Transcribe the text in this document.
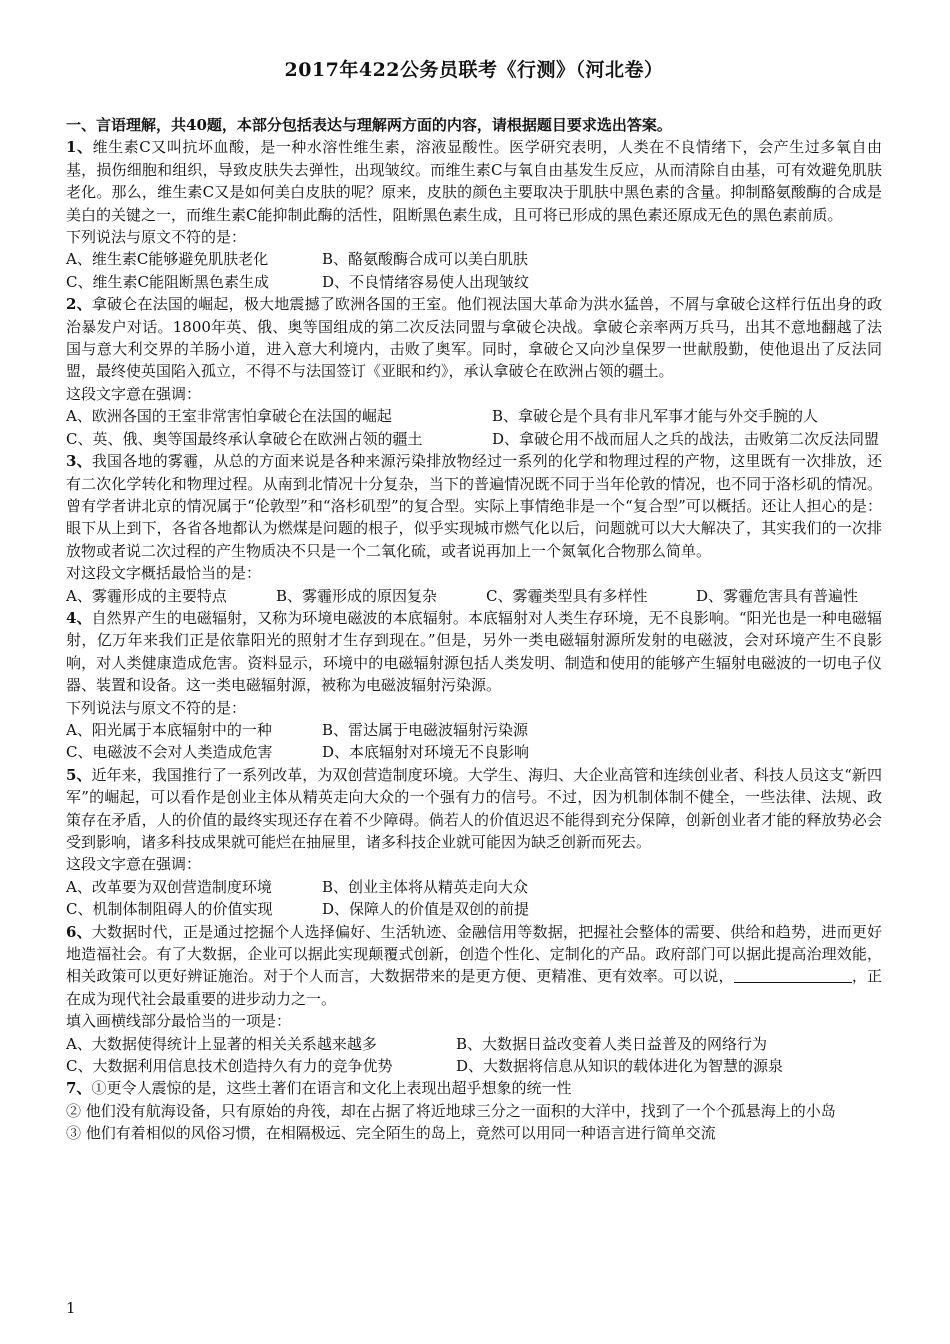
2017年422公务员联考《行测》（河北卷）

一、言语理解，共40题，本部分包括表达与理解两方面的内容，请根据题目要求选出答案。

1、维生素C又叫抗坏血酸，是一种水溶性维生素，溶液显酸性。医学研究表明，人类在不良情绪下，会产生过多氧自由基，损伤细胞和组织，导致皮肤失去弹性，出现皱纹。而维生素C与氧自由基发生反应，从而清除自由基，可有效避免肌肤老化。那么，维生素C又是如何美白皮肤的呢？原来，皮肤的颜色主要取决于肌肤中黑色素的含量。抑制酪氨酸酶的合成是美白的关键之一，而维生素C能抑制此酶的活性，阻断黑色素生成，且可将已形成的黑色素还原成无色的黑色素前质。

下列说法与原文不符的是：

A、维生素C能够避免肌肤老化	B、酪氨酸酶合成可以美白肌肤
C、维生素C能阻断黑色素生成	D、不良情绪容易使人出现皱纹

2、拿破仑在法国的崛起，极大地震撼了欧洲各国的王室。他们视法国大革命为洪水猛兽，不屑与拿破仑这样行伍出身的政治暴发户对话。1800年英、俄、奥等国组成的第二次反法同盟与拿破仑决战。拿破仑亲率两万兵马，出其不意地翻越了法国与意大利交界的羊肠小道，进入意大利境内，击败了奥军。同时，拿破仑又向沙皇保罗一世献殷勤，使他退出了反法同盟，最终使英国陷入孤立，不得不与法国签订《亚眠和约》，承认拿破仑在欧洲占领的疆土。

这段文字意在强调：

A、欧洲各国的王室非常害怕拿破仑在法国的崛起	B、拿破仑是个具有非凡军事才能与外交手腕的人
C、英、俄、奥等国最终承认拿破仑在欧洲占领的疆土	D、拿破仑用不战而屈人之兵的战法，击败第二次反法同盟

3、我国各地的雾霾，从总的方面来说是各种来源污染排放物经过一系列的化学和物理过程的产物，这里既有一次排放，还有二次化学转化和物理过程。从南到北情况十分复杂，当下的普遍情况既不同于当年伦敦的情况，也不同于洛杉矶的情况。曾有学者讲北京的情况属于“伦敦型”和“洛杉矶型”的复合型。实际上事情绝非是一个“复合型”可以概括。还让人担心的是：眼下从上到下，各省各地都认为燃煤是问题的根子，似乎实现城市燃气化以后，问题就可以大大解决了，其实我们的一次排放物或者说二次过程的产生物质决不只是一个二氧化硫，或者说再加上一个氮氧化合物那么简单。

对这段文字概括最恰当的是：

A、雾霾形成的主要特点	B、雾霾形成的原因复杂	C、雾霾类型具有多样性	D、雾霾危害具有普遍性

4、自然界产生的电磁辐射，又称为环境电磁波的本底辐射。本底辐射对人类生存环境，无不良影响。“阳光也是一种电磁辐射，亿万年来我们正是依靠阳光的照射才生存到现在。”但是，另外一类电磁辐射源所发射的电磁波，会对环境产生不良影响，对人类健康造成危害。资料显示，环境中的电磁辐射源包括人类发明、制造和使用的能够产生辐射电磁波的一切电子仪器、装置和设备。这一类电磁辐射源，被称为电磁波辐射污染源。

下列说法与原文不符的是：

A、阳光属于本底辐射中的一种	B、雷达属于电磁波辐射污染源
C、电磁波不会对人类造成危害	D、本底辐射对环境无不良影响

5、近年来，我国推行了一系列改革，为双创营造制度环境。大学生、海归、大企业高管和连续创业者、科技人员这支“新四军”的崛起，可以看作是创业主体从精英走向大众的一个强有力的信号。不过，因为机制体制不健全，一些法律、法规、政策存在矛盾，人的价值的最终实现还存在着不少障碍。倘若人的价值迟迟不能得到充分保障，创新创业者才能的释放势必会受到影响，诸多科技成果就可能烂在抽屉里，诸多科技企业就可能因为缺乏创新而死去。

这段文字意在强调：

A、改革要为双创营造制度环境	B、创业主体将从精英走向大众
C、机制体制阻碍人的价值实现	D、保障人的价值是双创的前提

6、大数据时代，正是通过挖掘个人选择偏好、生活轨迹、金融信用等数据，把握社会整体的需要、供给和趋势，进而更好地造福社会。有了大数据，企业可以据此实现颠覆式创新，创造个性化、定制化的产品。政府部门可以据此提高治理效能，相关政策可以更好辨证施治。对于个人而言，大数据带来的是更方便、更精准、更有效率。可以说，	，正在成为现代社会最重要的进步动力之一。

填入画横线部分最恰当的一项是：

A、大数据使得统计上显著的相关关系越来越多	B、大数据日益改变着人类日益普及的网络行为
C、大数据利用信息技术创造持久有力的竞争优势	D、大数据将信息从知识的载体进化为智慧的源泉

7、①更令人震惊的是，这些土著们在语言和文化上表现出超乎想象的统一性

② 他们没有航海设备，只有原始的舟筏，却在占据了将近地球三分之一面积的大洋中，找到了一个个孤悬海上的小岛

③ 他们有着相似的风俗习惯，在相隔极远、完全陌生的岛上，竟然可以用同一种语言进行简单交流

1
